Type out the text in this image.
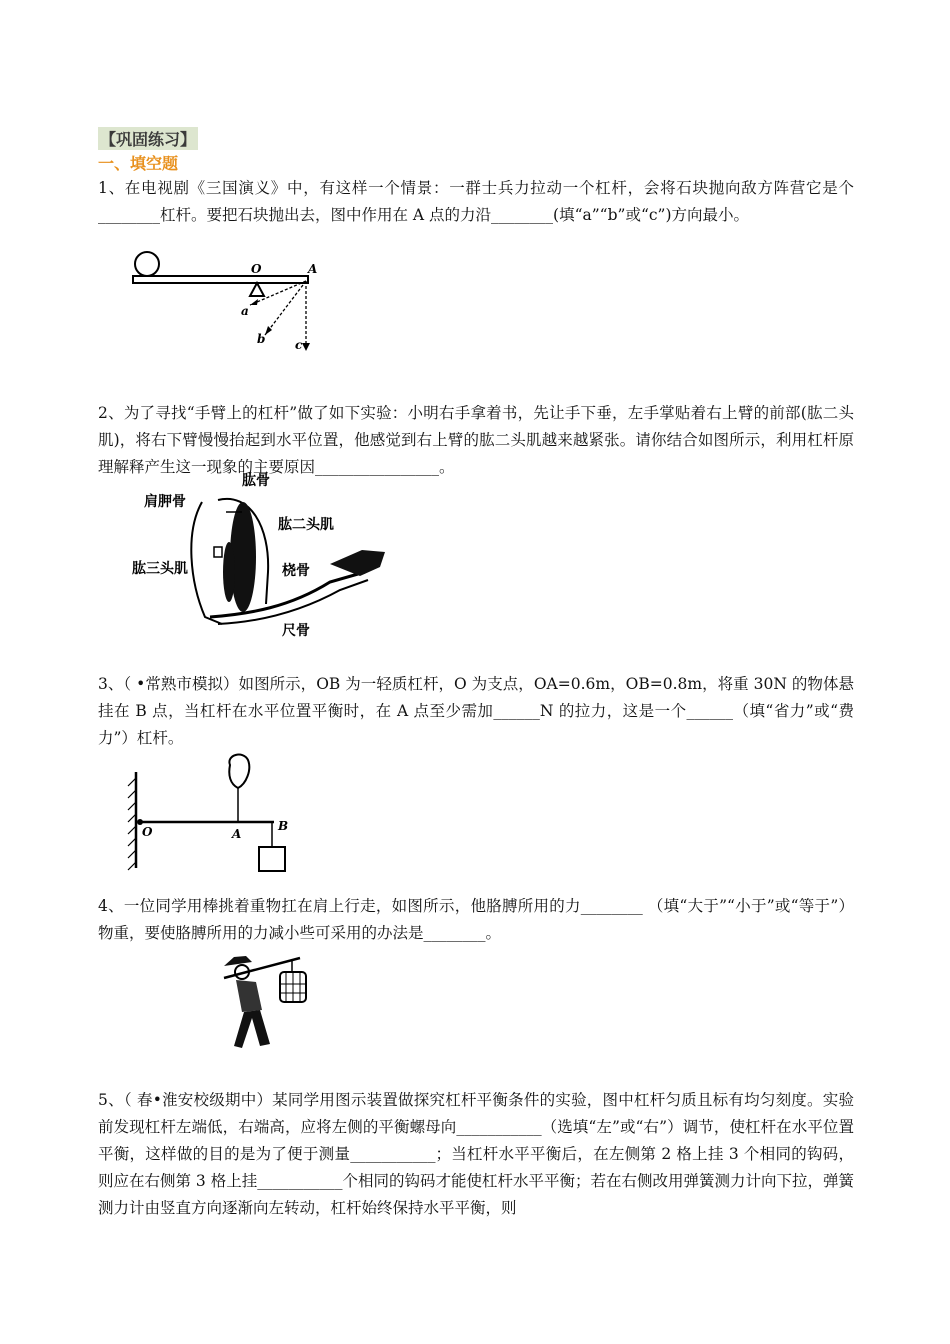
【巩固练习】
一、填空题
1、在电视剧《三国演义》中，有这样一个情景：一群士兵力拉动一个杠杆，会将石块抛向敌方阵营它是个________杠杆。要把石块抛出去，图中作用在 A 点的力沿________(填“a”“b”或“c”)方向最小。
O	A
a
b c
2、为了寻找“手臂上的杠杆”做了如下实验：小明右手拿着书，先让手下垂，左手掌贴着右上臂的前部(肱二头肌)，将右下臂慢慢抬起到水平位置，他感觉到右上臂的肱二头肌越来越紧张。请你结合如图所示，利用杠杆原理解释产生这一现象的主要原因________________。
肱骨
肩胛骨
肱二头肌
肱三头肌	桡骨
尺骨
3、（ •常熟市模拟）如图所示，OB 为一轻质杠杆，O 为支点，OA=0.6m，OB=0.8m，将重 30N 的物体悬挂在 B 点，当杠杆在水平位置平衡时，在 A 点至少需加______N 的拉力，这是一个______（填“省力”或“费力”）杠杆。
O	A
B
4、一位同学用棒挑着重物扛在肩上行走，如图所示，他胳膊所用的力________ （填“大于”“小于”或“等于”）物重，要使胳膊所用的力减小些可采用的办法是________。
5、（ 春•淮安校级期中）某同学用图示装置做探究杠杆平衡条件的实验，图中杠杆匀质且标有均匀刻度。实验前发现杠杆左端低，右端高，应将左侧的平衡螺母向___________（选填“左”或“右”）调节，使杠杆在水平位置平衡，这样做的目的是为了便于测量___________；当杠杆水平平衡后，在左侧第 2 格上挂 3 个相同的钩码，则应在右侧第 3 格上挂___________个相同的钩码才能使杠杆水平平衡；若在右侧改用弹簧测力计向下拉，弹簧测力计由竖直方向逐渐向左转动，杠杆始终保持水平平衡，则
